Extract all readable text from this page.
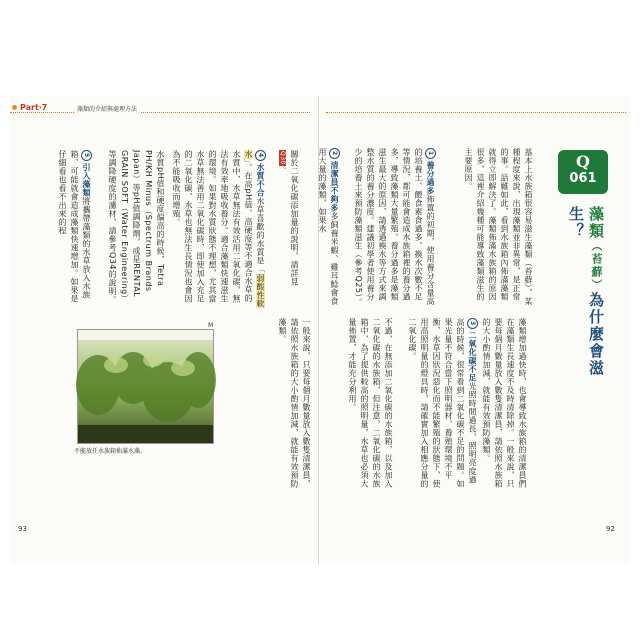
Part‧7	藻類的介紹與處理方法
Q
061
藻類（苔蘚）為什麼會滋生？
基本上水族箱很容易滋生藻類（苔蘚），某種程度來說，出現藻類並非異常，是正常的事。話雖如此，看到水族箱內佈滿藻類就得立即解決了。藻類佈滿水族箱的原因很多，這裡介紹幾種可能導致藻類滋生的主要原因。
1養分過多佈置的初期，使用養分含量高的培養土、餵食素食過多、換水次數不足等情況，都可能會造成水族箱裡的養分過多，導致藻類大量繁殖。養分過多是藻類滋生最大的原因，請透過換水等方式來調整水質的養分濃度。建議初學者使用養分少的培養土來預防藻類滋生（參考Q25）。
2清潔員不夠多多飼養米蝦、雞耳鯰會食用大量的藻類，如果水
藻類增加過快時，也會導致水族箱的清潔員們在藻類生長速度不及時清除掉。一般來說，只要每個月數量放入數隻清潔員，請依照水族箱的大小酌情加減，就能有效預防藻類。
3二氧化碳不足光照時間過長，照明亮度過高的時候，很常看到二氧化碳不足的問題。如果光量不符合當下照明器材，養殖環境不平衡，水草因狀況惡化而不能繁殖的狀態下，使用高照明量的燈具時，請確實加入相應分量的二氧化碳。
不過，在無添加二氧化碳的水族箱，以及加入二氧化碳的水族箱，但注意，二氧化碳的水族箱中，為了提供較高的照明量，水草也必須大量佈置，才能充分利用。
關於二氧化碳添加量的說明，請詳見Q30。
4水質不合水草喜歡的水質是「弱酸性軟水」。在高pH值、高硬度等不適合水草的水質中，水草無法有效活用二氧化碳，無法有效率地吸收養分。適合藻類快速滋生的環境。如果對水質狀態不理想，尤其當水草無法善用二氧化碳時，即使加入充足的二氧化碳，水草也無法生長情況也會因為不能吸收而增殖。
水質pH值和硬度偏高的時候，Tetra PH/KH Minus（Spectrum Brands Japan）等pH值調降劑，或是RENTAL GRAIN SOFT（Water Engineering）等調降硬度的濾材，請參考Q34的說明。
5引入藻類將攜帶藻類的水草放入水族箱，可能就會造成藻類快速增加。如果是仔細看也看不出來的程
一般來說，只要每個月數量放入數隻清潔員，請依照水族箱的大小酌情加減，就能有效預防藻類。
M
不能放任水族箱佈滿水藻。
93	92
